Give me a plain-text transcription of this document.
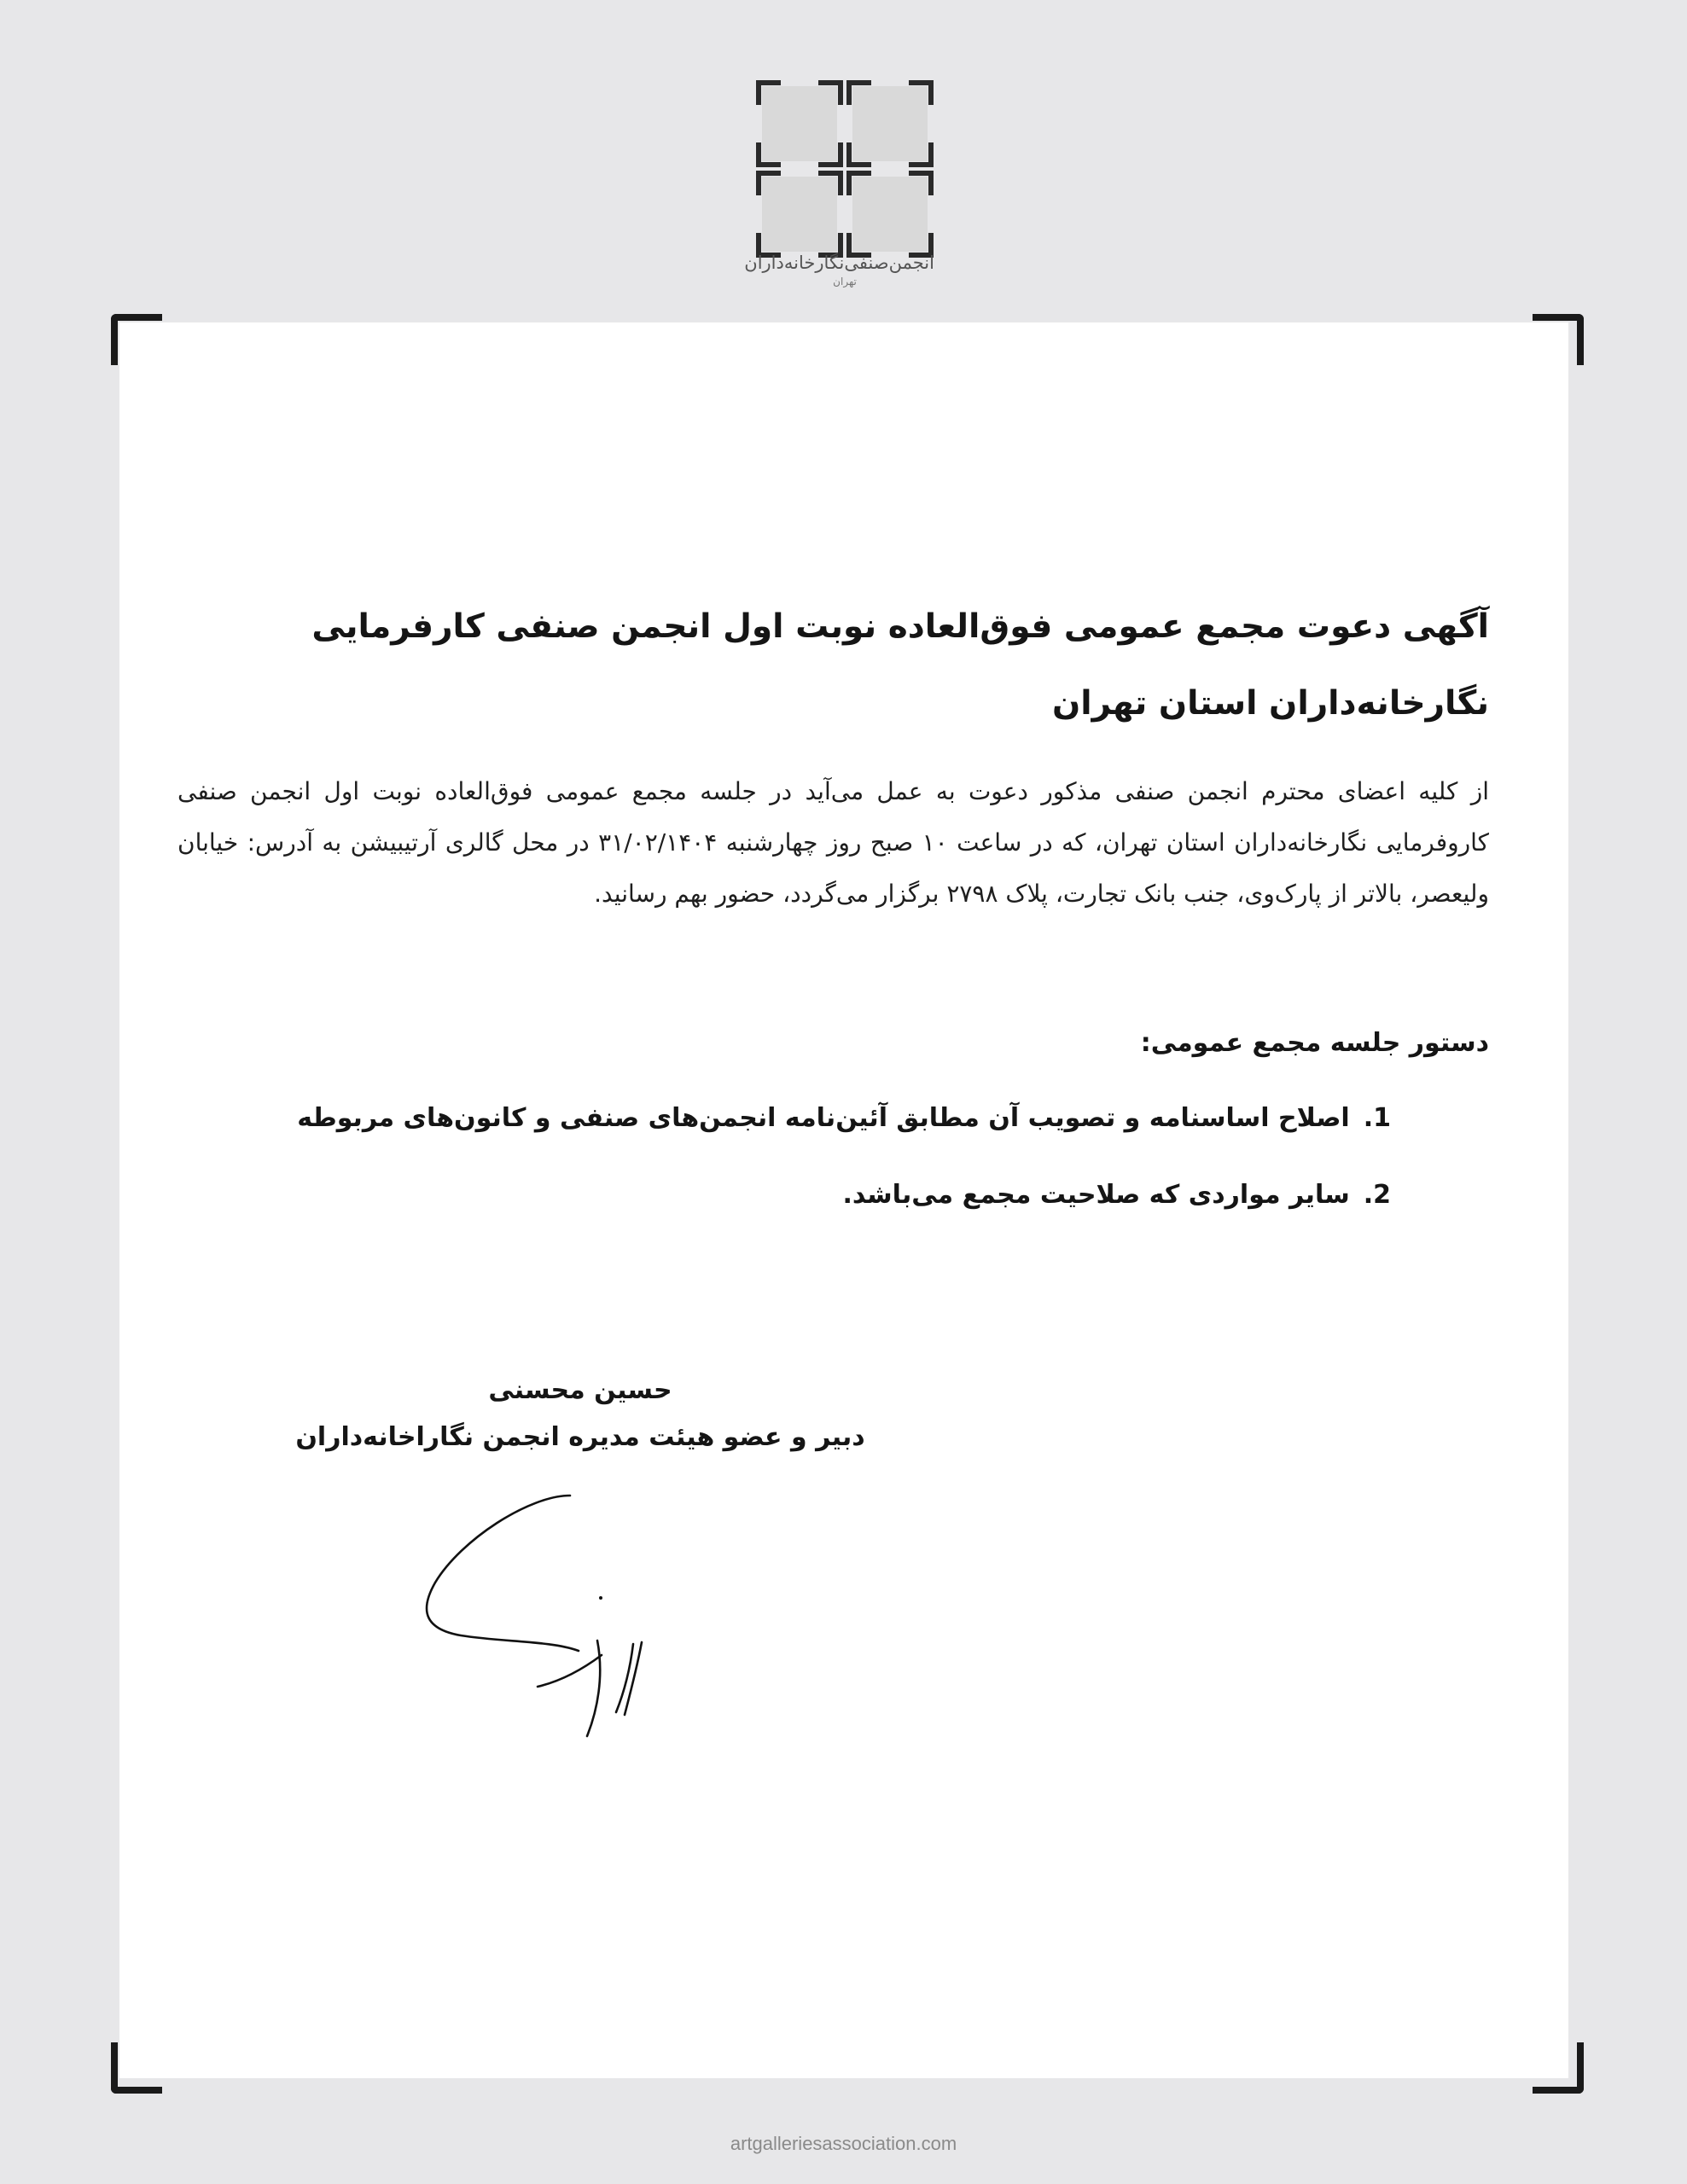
انجمن‌صنفی‌نگارخانه‌داران
تهران
آگهی دعوت مجمع عمومی فوق‌العاده نوبت اول انجمن صنفی کارفرمایی نگارخانه‌داران استان تهران

از کلیه اعضای محترم انجمن صنفی مذکور دعوت به عمل می‌آید در جلسه مجمع عمومی فوق‌العاده نوبت اول انجمن صنفی کاروفرمایی نگارخانه‌داران استان تهران، که در ساعت ۱۰ صبح روز چهارشنبه ۳۱/۰۲/۱۴۰۴ در محل گالری آرتیبیشن به آدرس: خیابان ولیعصر، بالاتر از پارک‌وی، جنب بانک تجارت، پلاک ۲۷۹۸ برگزار می‌گردد، حضور بهم رسانید.

دستور جلسه مجمع عمومی:
1.اصلاح اساسنامه و تصویب آن مطابق آئین‌نامه انجمن‌های صنفی و کانون‌های مربوطه
2.سایر مواردی که صلاحیت مجمع می‌باشد.
حسین محسنی
دبیر و عضو هیئت مدیره انجمن نگاراخانه‌داران
artgalleriesassociation.com
